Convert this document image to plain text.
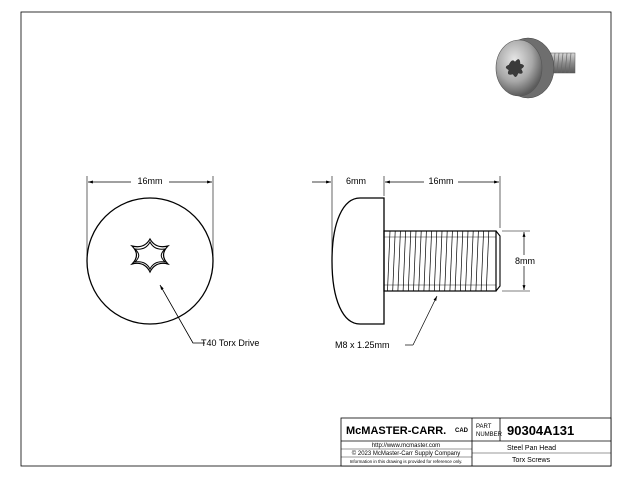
16mm
T40 Torx Drive
6mm	16mm
8mm
M8 x 1.25mm
McMASTER-CARR. CAD
PART
NUMBER 90304A131
http://www.mcmaster.com
© 2023 McMaster-Carr Supply Company
Information in this drawing is provided for reference only.
Steel Pan Head
Torx Screws
